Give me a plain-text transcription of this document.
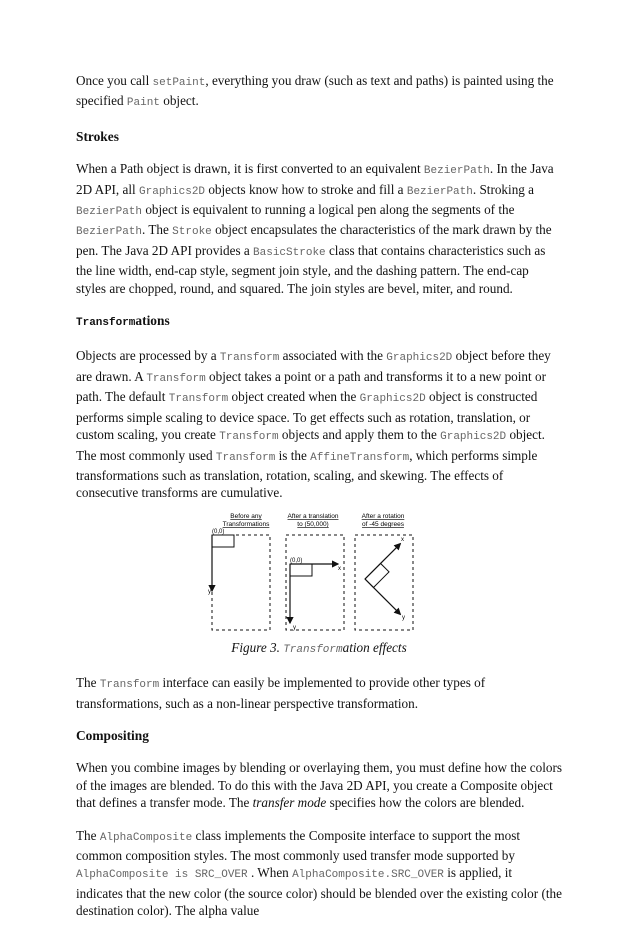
Once you call setPaint, everything you draw (such as text and paths) is painted using the specified Paint object.

Strokes

When a Path object is drawn, it is first converted to an equivalent BezierPath. In the Java 2D API, all Graphics2D objects know how to stroke and fill a BezierPath. Stroking a BezierPath object is equivalent to running a logical pen along the segments of the BezierPath. The Stroke object encapsulates the characteristics of the mark drawn by the pen. The Java 2D API provides a BasicStroke class that contains characteristics such as the line width, end-cap style, segment join style, and the dashing pattern. The end-cap styles are chopped, round, and squared. The join styles are bevel, miter, and round.

Transformations

Objects are processed by a Transform associated with the Graphics2D object before they are drawn. A Transform object takes a point or a path and transforms it to a new point or path. The default Transform object created when the Graphics2D object is constructed performs simple scaling to device space. To get effects such as rotation, translation, or custom scaling, you create Transform objects and apply them to the Graphics2D object. The most commonly used Transform is the AffineTransform, which performs simple transformations such as translation, rotation, scaling, and skewing. The effects of consecutive transforms are cumulative.

Before any
Transformations
After a translation
to (50,000)
After a rotation
of -45 degrees
(0,0)
y
(0,0)
x
y
x
y

Figure 3. Transformation effects

The Transform interface can easily be implemented to provide other types of transformations, such as a non-linear perspective transformation.

Compositing

When you combine images by blending or overlaying them, you must define how the colors of the images are blended. To do this with the Java 2D API, you create a Composite object that defines a transfer mode. The transfer mode specifies how the colors are blended.

The AlphaComposite class implements the Composite interface to support the most common composition styles. The most commonly used transfer mode supported by AlphaComposite is SRC_OVER . When AlphaComposite.SRC_OVER is applied, it indicates that the new color (the source color) should be blended over the existing color (the destination color). The alpha value
